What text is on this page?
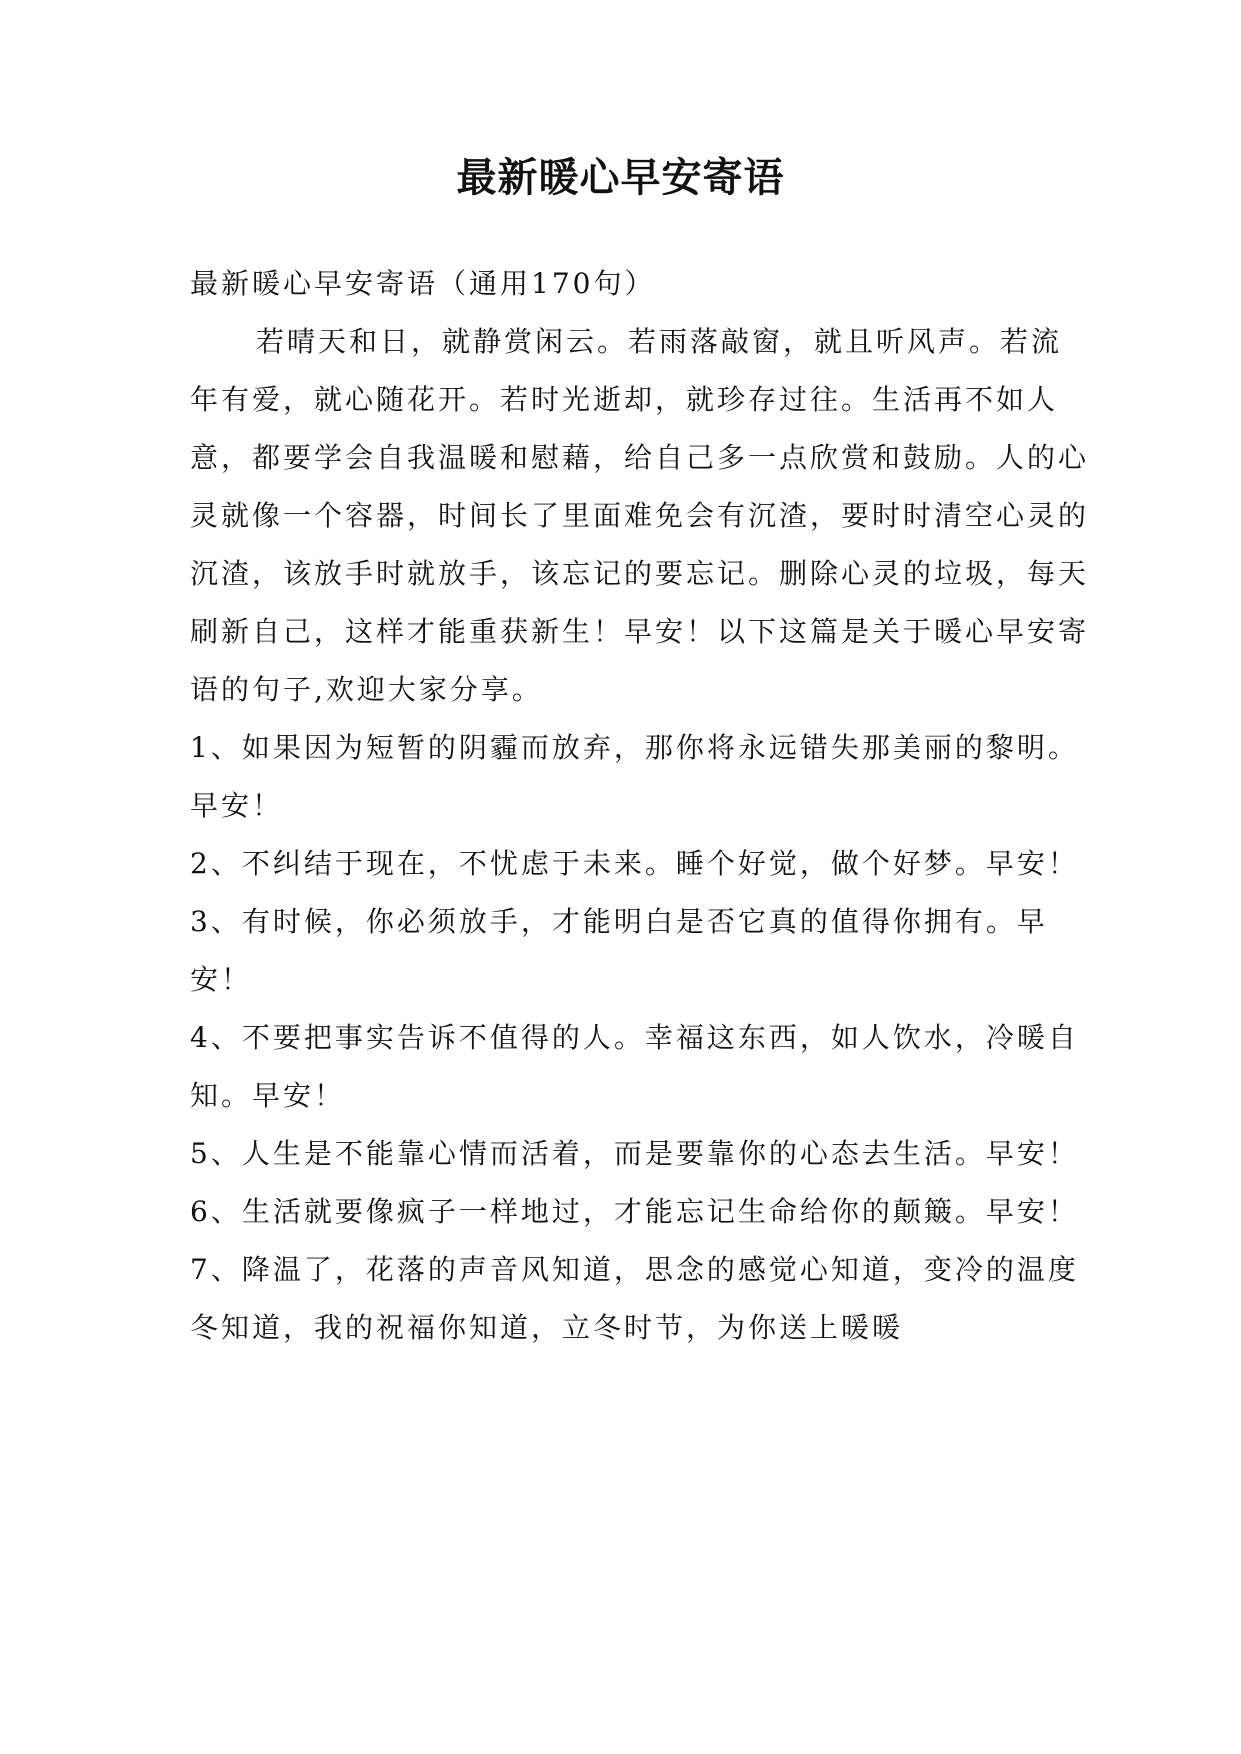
最新暖心早安寄语

最新暖心早安寄语（通用170句）

若晴天和日，就静赏闲云。若雨落敲窗，就且听风声。若流年有爱，就心随花开。若时光逝却，就珍存过往。生活再不如人意，都要学会自我温暖和慰藉，给自己多一点欣赏和鼓励。人的心灵就像一个容器，时间长了里面难免会有沉渣，要时时清空心灵的沉渣，该放手时就放手，该忘记的要忘记。删除心灵的垃圾，每天刷新自己，这样才能重获新生！早安！以下这篇是关于暖心早安寄语的句子,欢迎大家分享。

1、如果因为短暂的阴霾而放弃，那你将永远错失那美丽的黎明。早安！

2、不纠结于现在，不忧虑于未来。睡个好觉，做个好梦。早安！

3、有时候，你必须放手，才能明白是否它真的值得你拥有。早安！

4、不要把事实告诉不值得的人。幸福这东西，如人饮水，冷暖自知。早安！

5、人生是不能靠心情而活着，而是要靠你的心态去生活。早安！

6、生活就要像疯子一样地过，才能忘记生命给你的颠簸。早安！

7、降温了，花落的声音风知道，思念的感觉心知道，变冷的温度冬知道，我的祝福你知道，立冬时节，为你送上暖暖
